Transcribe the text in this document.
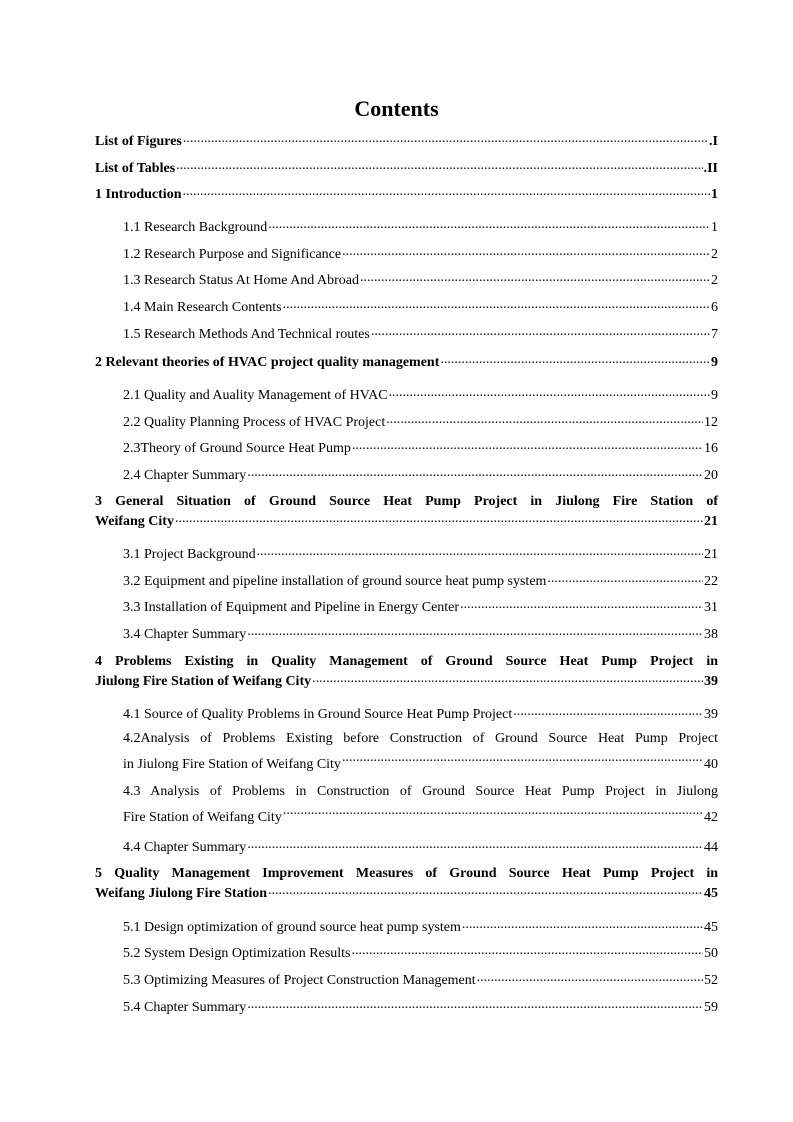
Contents
List of Figures .....	.I
List of Tables .....	.II
1 Introduction .....	1
1.1 Research Background .....	1
1.2 Research Purpose and Significance .....	2
1.3 Research Status At Home And Abroad .....	2
1.4 Main Research Contents .....	6
1.5 Research Methods And Technical routes .....	7
2 Relevant theories of HVAC project quality management .....	9
2.1 Quality and Auality Management of HVAC .....	9
2.2 Quality Planning Process of HVAC Project .....	12
2.3Theory of Ground Source Heat Pump .....	16
2.4 Chapter Summary .....	20
3 General Situation of Ground Source Heat Pump Project in Jiulong Fire Station of
Weifang City .....	21
3.1 Project Background .....	21
3.2 Equipment and pipeline installation of ground source heat pump system .....	22
3.3 Installation of Equipment and Pipeline in Energy Center .....	31
3.4 Chapter Summary .....	38
4 Problems Existing in Quality Management of Ground Source Heat Pump Project in
Jiulong Fire Station of Weifang City .....	39
4.1 Source of Quality Problems in Ground Source Heat Pump Project .....	39
4.2Analysis of Problems Existing before Construction of Ground Source Heat Pump Project
in Jiulong Fire Station of Weifang City .....	40
4.3 Analysis of Problems in Construction of Ground Source Heat Pump Project in Jiulong
Fire Station of Weifang City .....	42
4.4 Chapter Summary .....	44
5 Quality Management Improvement Measures of Ground Source Heat Pump Project in
Weifang Jiulong Fire Station .....	45
5.1 Design optimization of ground source heat pump system .....	45
5.2 System Design Optimization Results .....	50
5.3 Optimizing Measures of Project Construction Management .....	52
5.4 Chapter Summary .....	59
